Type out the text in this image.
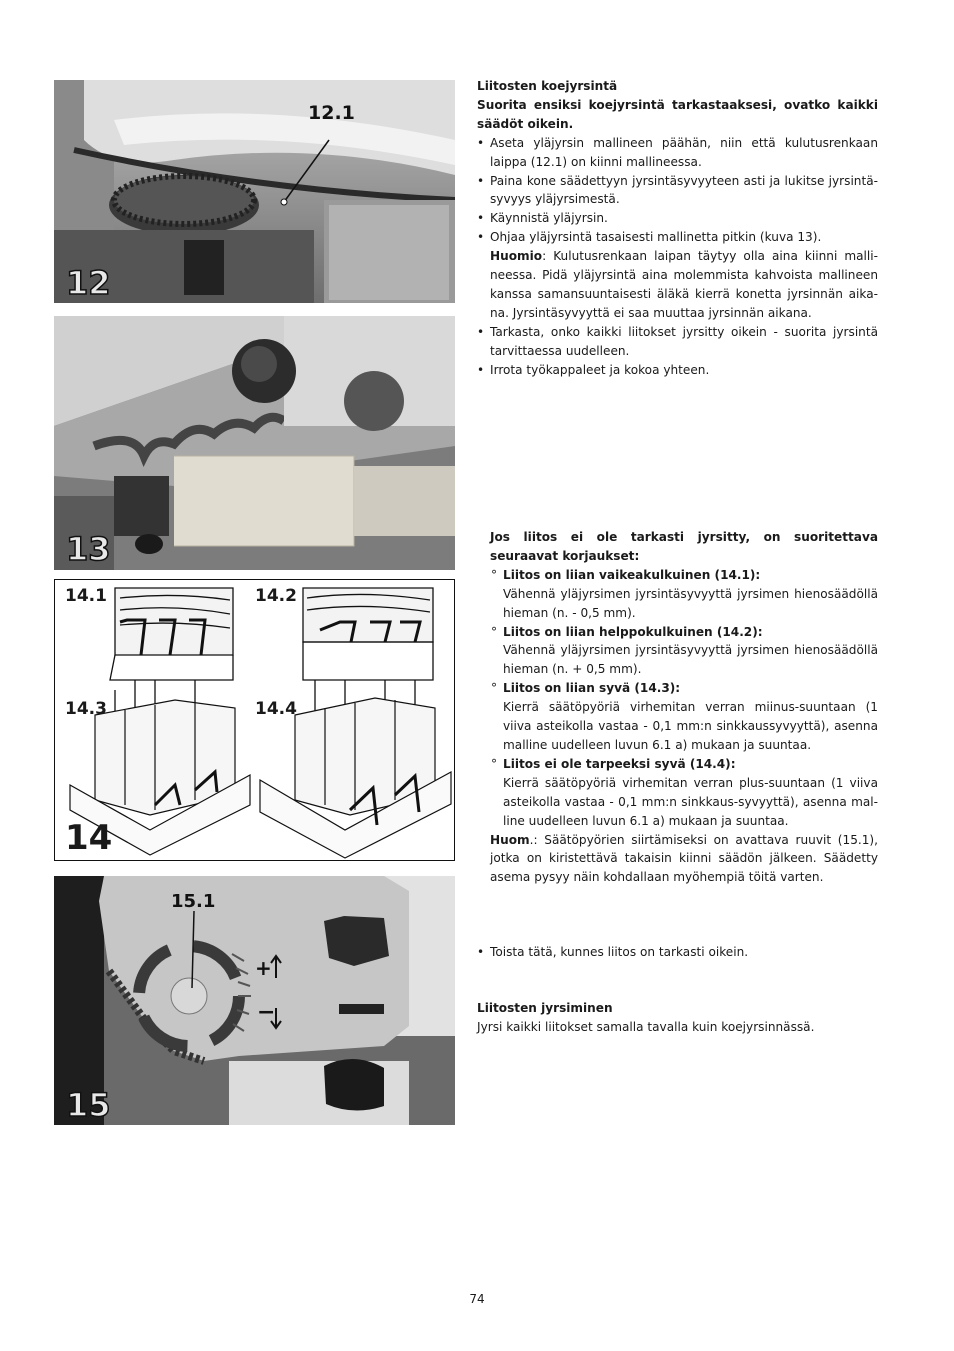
12.1
12
13
14.1	14.2
14.3	14.4
14
15.1
+
−
15

Liitosten koejyrsintä

Suorita ensiksi koejyrsintä tarkastaaksesi, ovatko kaikki säädöt oikein.

• Aseta yläjyrsin mallineen päähän, niin että kulutusrenkaan laippa (12.1) on kiinni mallineessa.
• Paina kone säädettyyn jyrsintäsyvyyteen asti ja lukitse jyrsintä-syvyys yläjyrsimestä.
• Käynnistä yläjyrsin.
• Ohjaa yläjyrsintä tasaisesti mallinetta pitkin (kuva 13).

Huomio: Kulutusrenkaan laipan täytyy olla aina kiinni malli-neessa. Pidä yläjyrsintä aina molemmista kahvoista mallineen kanssa samansuuntaisesti äläkä kierrä konetta jyrsinnän aika-na. Jyrsintäsyvyyttä ei saa muuttaa jyrsinnän aikana.

• Tarkasta, onko kaikki liitokset jyrsitty oikein - suorita jyrsintä tarvittaessa uudelleen.
• Irrota työkappaleet ja kokoa yhteen.

Jos liitos ei ole tarkasti jyrsitty, on suoritettava seuraavat korjaukset:

° Liitos on liian vaikeakulkuinen (14.1):
Vähennä yläjyrsimen jyrsintäsyvyyttä jyrsimen hienosäädöllä hieman (n. - 0,5 mm).
° Liitos on liian helppokulkuinen (14.2):
Vähennä yläjyrsimen jyrsintäsyvyyttä jyrsimen hienosäädöllä hieman (n. + 0,5 mm).
° Liitos on liian syvä (14.3):
Kierrä säätöpyöriä virhemitan verran miinus-suuntaan (1 viiva asteikolla vastaa - 0,1 mm:n sinkkaussyvyyttä), asenna malline uudelleen luvun 6.1 a) mukaan ja suuntaa.
° Liitos ei ole tarpeeksi syvä (14.4):
Kierrä säätöpyöriä virhemitan verran plus-suuntaan (1 viiva asteikolla vastaa - 0,1 mm:n sinkkaus-syvyyttä), asenna mal-line uudelleen luvun 6.1 a) mukaan ja suuntaa.

Huom.: Säätöpyörien siirtämiseksi on avattava ruuvit (15.1), jotka on kiristettävä takaisin kiinni säädön jälkeen. Säädetty asema pysyy näin kohdallaan myöhempiä töitä varten.

• Toista tätä, kunnes liitos on tarkasti oikein.

Liitosten jyrsiminen

Jyrsi kaikki liitokset samalla tavalla kuin koejyrsinnässä.

74
